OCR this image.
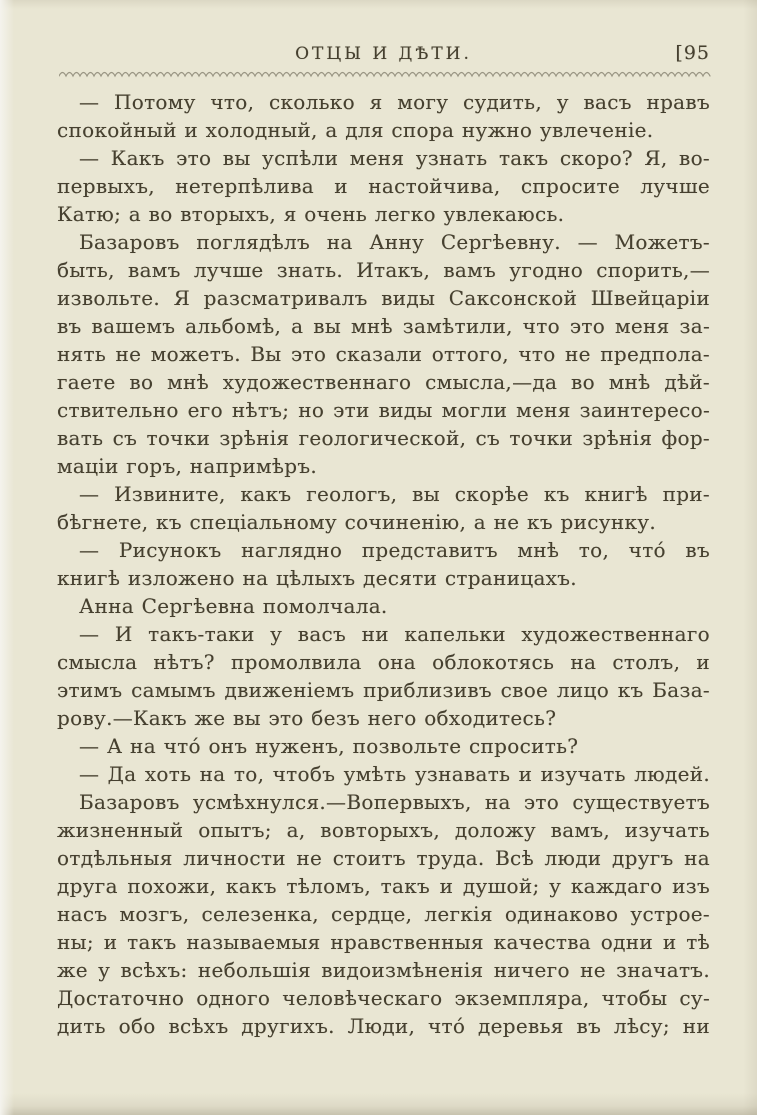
ОТЦЫ И ДѢТИ.	[95
— Потому что, сколько я могу судить, у васъ нравъ
спокойный и холодный, а для спора нужно увлеченіе.
— Какъ это вы успѣли меня узнать такъ скоро? Я, во-
первыхъ, нетерпѣлива и настойчива, спросите лучше
Катю; а во вторыхъ, я очень легко увлекаюсь.
Базаровъ поглядѣлъ на Анну Сергѣевну. — Можетъ-
быть, вамъ лучше знать. Итакъ, вамъ угодно спорить,—
извольте. Я разсматривалъ виды Саксонской Швейцаріи
въ вашемъ альбомѣ, а вы мнѣ замѣтили, что это меня за-
нять не можетъ. Вы это сказали оттого, что не предпола-
гаете во мнѣ художественнаго смысла,—да во мнѣ дѣй-
ствительно его нѣтъ; но эти виды могли меня заинтересо-
вать съ точки зрѣнія геологической, съ точки зрѣнія фор-
маціи горъ, напримѣръ.
— Извините, какъ геологъ, вы скорѣе къ книгѣ при-
бѣгнете, къ спеціальному сочиненію, а не къ рисунку.
— Рисунокъ наглядно представитъ мнѣ то, что́ въ
книгѣ изложено на цѣлыхъ десяти страницахъ.
Анна Сергѣевна помолчала.
— И такъ-таки у васъ ни капельки художественнаго
смысла нѣтъ? промолвила она облокотясь на столъ, и
этимъ самымъ движеніемъ приблизивъ свое лицо къ База-
рову.—Какъ же вы это безъ него обходитесь?
— А на что́ онъ нуженъ, позвольте спросить?
— Да хоть на то, чтобъ умѣть узнавать и изучать людей.
Базаровъ усмѣхнулся.—Вопервыхъ, на это существуетъ
жизненный опытъ; а, вовторыхъ, доложу вамъ, изучать
отдѣльныя личности не стоитъ труда. Всѣ люди другъ на
друга похожи, какъ тѣломъ, такъ и душой; у каждаго изъ
насъ мозгъ, селезенка, сердце, легкія одинаково устрое-
ны; и такъ называемыя нравственныя качества одни и тѣ
же у всѣхъ: небольшія видоизмѣненія ничего не значатъ.
Достаточно одного человѣческаго экземпляра, чтобы су-
дить обо всѣхъ другихъ. Люди, что́ деревья въ лѣсу; ни
